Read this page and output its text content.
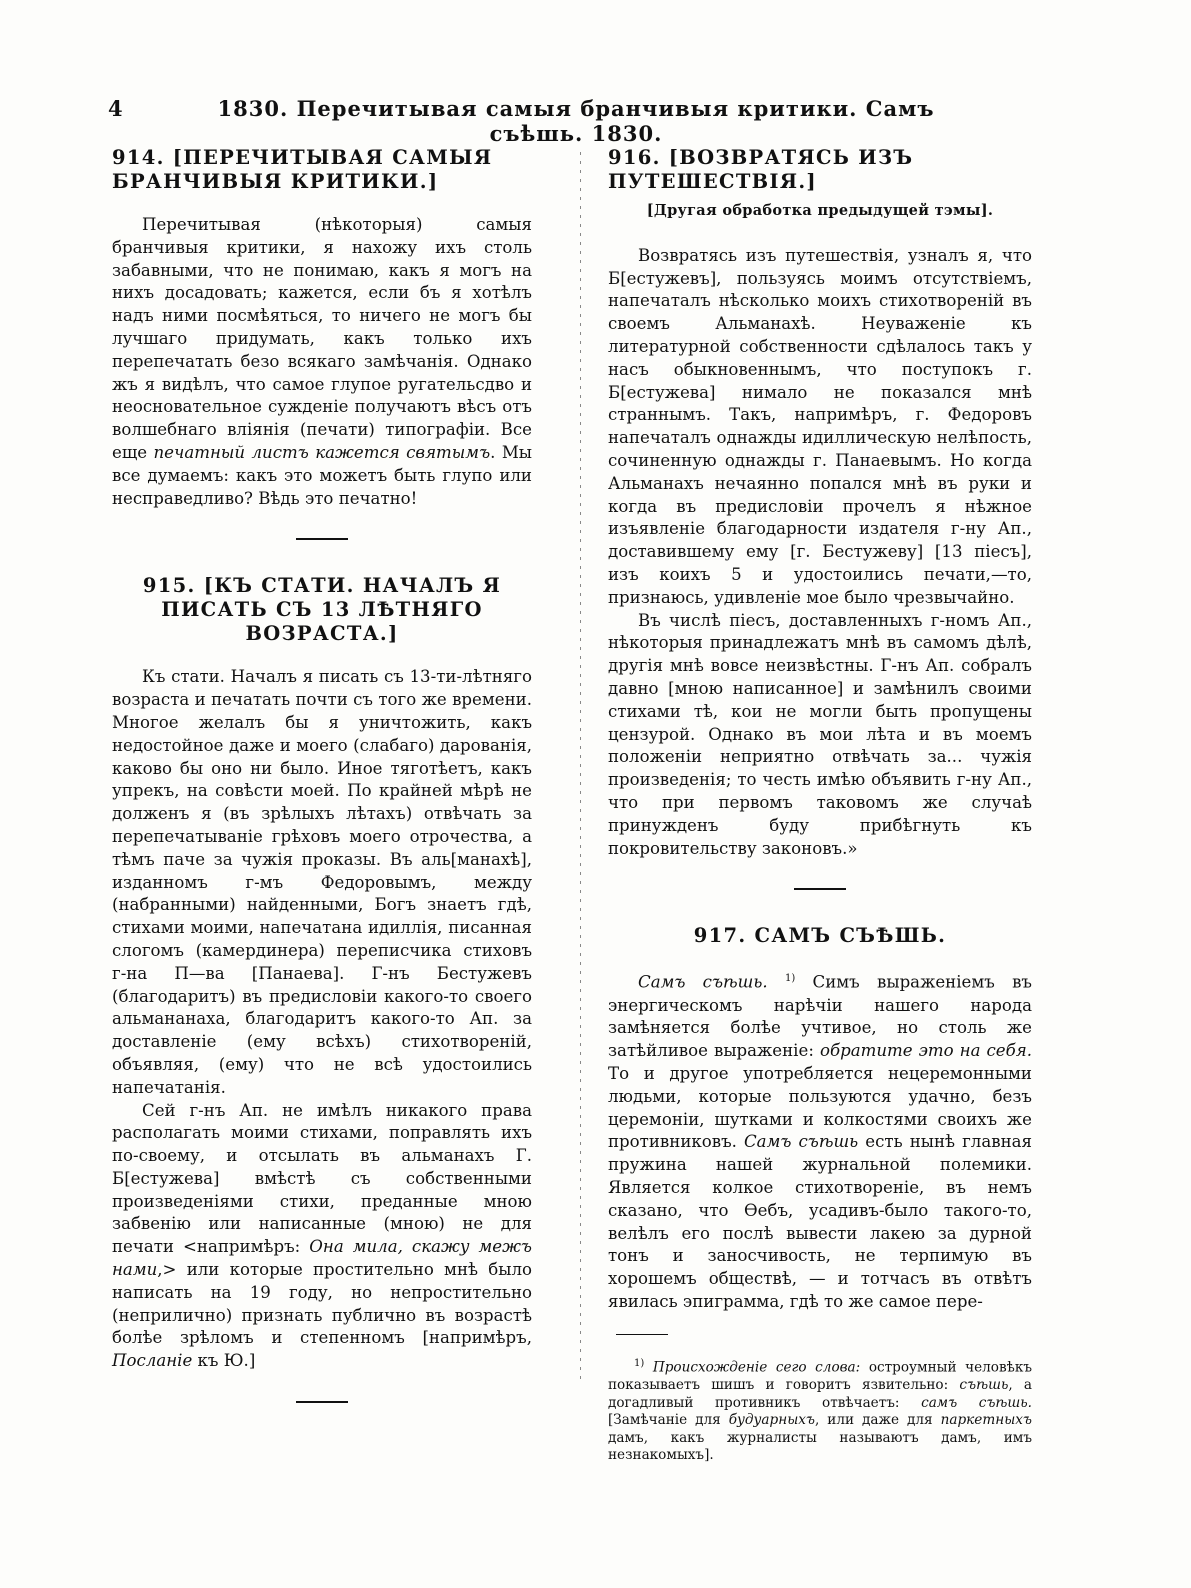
4	1830. Перечитывая самыя бранчивыя критики. Самъ съѣшь. 1830.
914. [ПЕРЕЧИТЫВАЯ САМЫЯ БРАНЧИВЫЯ КРИТИКИ.]

Перечитывая (нѣкоторыя) самыя бранчивыя критики, я нахожу ихъ столь забавными, что не понимаю, какъ я могъ на нихъ досадовать; кажется, если бъ я хотѣлъ надъ ними посмѣяться, то ничего не могъ бы лучшаго придумать, какъ только ихъ перепечатать безо всякаго замѣчанія. Однако жъ я видѣлъ, что самое глупое ругательсдво и неосновательное сужденіе получаютъ вѣсъ отъ волшебнаго вліянія (печати) типографіи. Все еще печатный листъ кажется святымъ. Мы все думаемъ: какъ это можетъ быть глупо или несправедливо? Вѣдь это печатно!

915. [КЪ СТАТИ. НАЧАЛЪ Я ПИСАТЬ СЪ 13 ЛѢТНЯГО ВОЗРАСТА.]

Къ стати. Началъ я писать съ 13-ти-лѣтняго возраста и печатать почти съ того же времени. Многое желалъ бы я уничтожить, какъ недостойное даже и моего (слабаго) дарованія, каково бы оно ни было. Иное тяготѣетъ, какъ упрекъ, на совѣсти моей. По крайней мѣрѣ не долженъ я (въ зрѣлыхъ лѣтахъ) отвѣчать за перепечатываніе грѣховъ моего отрочества, а тѣмъ паче за чужія проказы. Въ аль[манахѣ], изданномъ г-мъ Федоровымъ, между (набранными) найденными, Богъ знаетъ гдѣ, стихами моими, напечатана идиллія, писанная слогомъ (камердинера) переписчика стиховъ г-на П—ва [Панаева]. Г-нъ Бестужевъ (благодаритъ) въ предисловіи какого-то своего альмананаха, благодаритъ какого-то Ап. за доставленіе (ему всѣхъ) стихотвореній, объявляя, (ему) что не всѣ удостоились напечатанія.

Сей г-нъ Ап. не имѣлъ никакого права располагать моими стихами, поправлять ихъ по-своему, и отсылать въ альманахъ Г. Б[естужева] вмѣстѣ съ собственными произведеніями стихи, преданные мною забвенію или написанные (мною) не для печати <напримѣръ: Она мила, скажу межъ нами,> или которые простительно мнѣ было написать на 19 году, но непростительно (неприлично) признать публично въ возрастѣ болѣе зрѣломъ и степенномъ [напримѣръ, Посланіе къ Ю.]

916. [ВОЗВРАТЯСЬ ИЗЪ ПУТЕШЕСТВІЯ.]
[Другая обработка предыдущей тэмы].

Возвратясь изъ путешествія, узналъ я, что Б[естужевъ], пользуясь моимъ отсутствіемъ, напечаталъ нѣсколько моихъ стихотвореній въ своемъ Альманахѣ. Неуваженіе къ литературной собственности сдѣлалось такъ у насъ обыкновеннымъ, что поступокъ г. Б[естужева] нимало не показался мнѣ страннымъ. Такъ, напримѣръ, г. Федоровъ напечаталъ однажды идиллическую нелѣпость, сочиненную однажды г. Панаевымъ. Но когда Альманахъ нечаянно попался мнѣ въ руки и когда въ предисловіи прочелъ я нѣжное изъявленіе благодарности издателя г-ну Ап., доставившему ему [г. Бестужеву] [13 піесъ], изъ коихъ 5 и удостоились печати,—то, признаюсь, удивленіе мое было чрезвычайно.

Въ числѣ піесъ, доставленныхъ г-номъ Ап., нѣкоторыя принадлежатъ мнѣ въ самомъ дѣлѣ, другія мнѣ вовсе неизвѣстны. Г-нъ Ап. собралъ давно [мною написанное] и замѣнилъ своими стихами тѣ, кои не могли быть пропущены цензурой. Однако въ мои лѣта и въ моемъ положеніи неприятно отвѣчать за... чужія произведенія; то честь имѣю объявить г-ну Ап., что при первомъ таковомъ же случаѣ принужденъ буду прибѣгнуть къ покровительству законовъ.»

917. САМЪ СЪѢШЬ.

Самъ съѣшь. $^{1)}$ Симъ выраженіемъ въ энергическомъ нарѣчіи нашего народа замѣняется болѣе учтивое, но столь же затѣйливое выраженіе: обратите это на себя. То и другое употребляется нецеремонными людьми, которые пользуются удачно, безъ церемоніи, шутками и колкостями своихъ же противниковъ. Самъ съѣшь есть нынѣ главная пружина нашей журнальной полемики. Является колкое стихотвореніе, въ немъ сказано, что Ѳебъ, усадивъ-было такого-то, велѣлъ его послѣ вывести лакею за дурной тонъ и заносчивость, не терпимую въ хорошемъ обществѣ, — и тотчасъ въ отвѣтъ явилась эпиграмма, гдѣ то же самое пере-

$^{1)}$ Происхожденіе сего слова: остроумный человѣкъ показываетъ шишъ и говоритъ язвительно: съѣшь, а догадливый противникъ отвѣчаетъ: самъ съѣшь. [Замѣчаніе для будуарныхъ, или даже для паркетныхъ дамъ, какъ журналисты называютъ дамъ, имъ незнакомыхъ].
